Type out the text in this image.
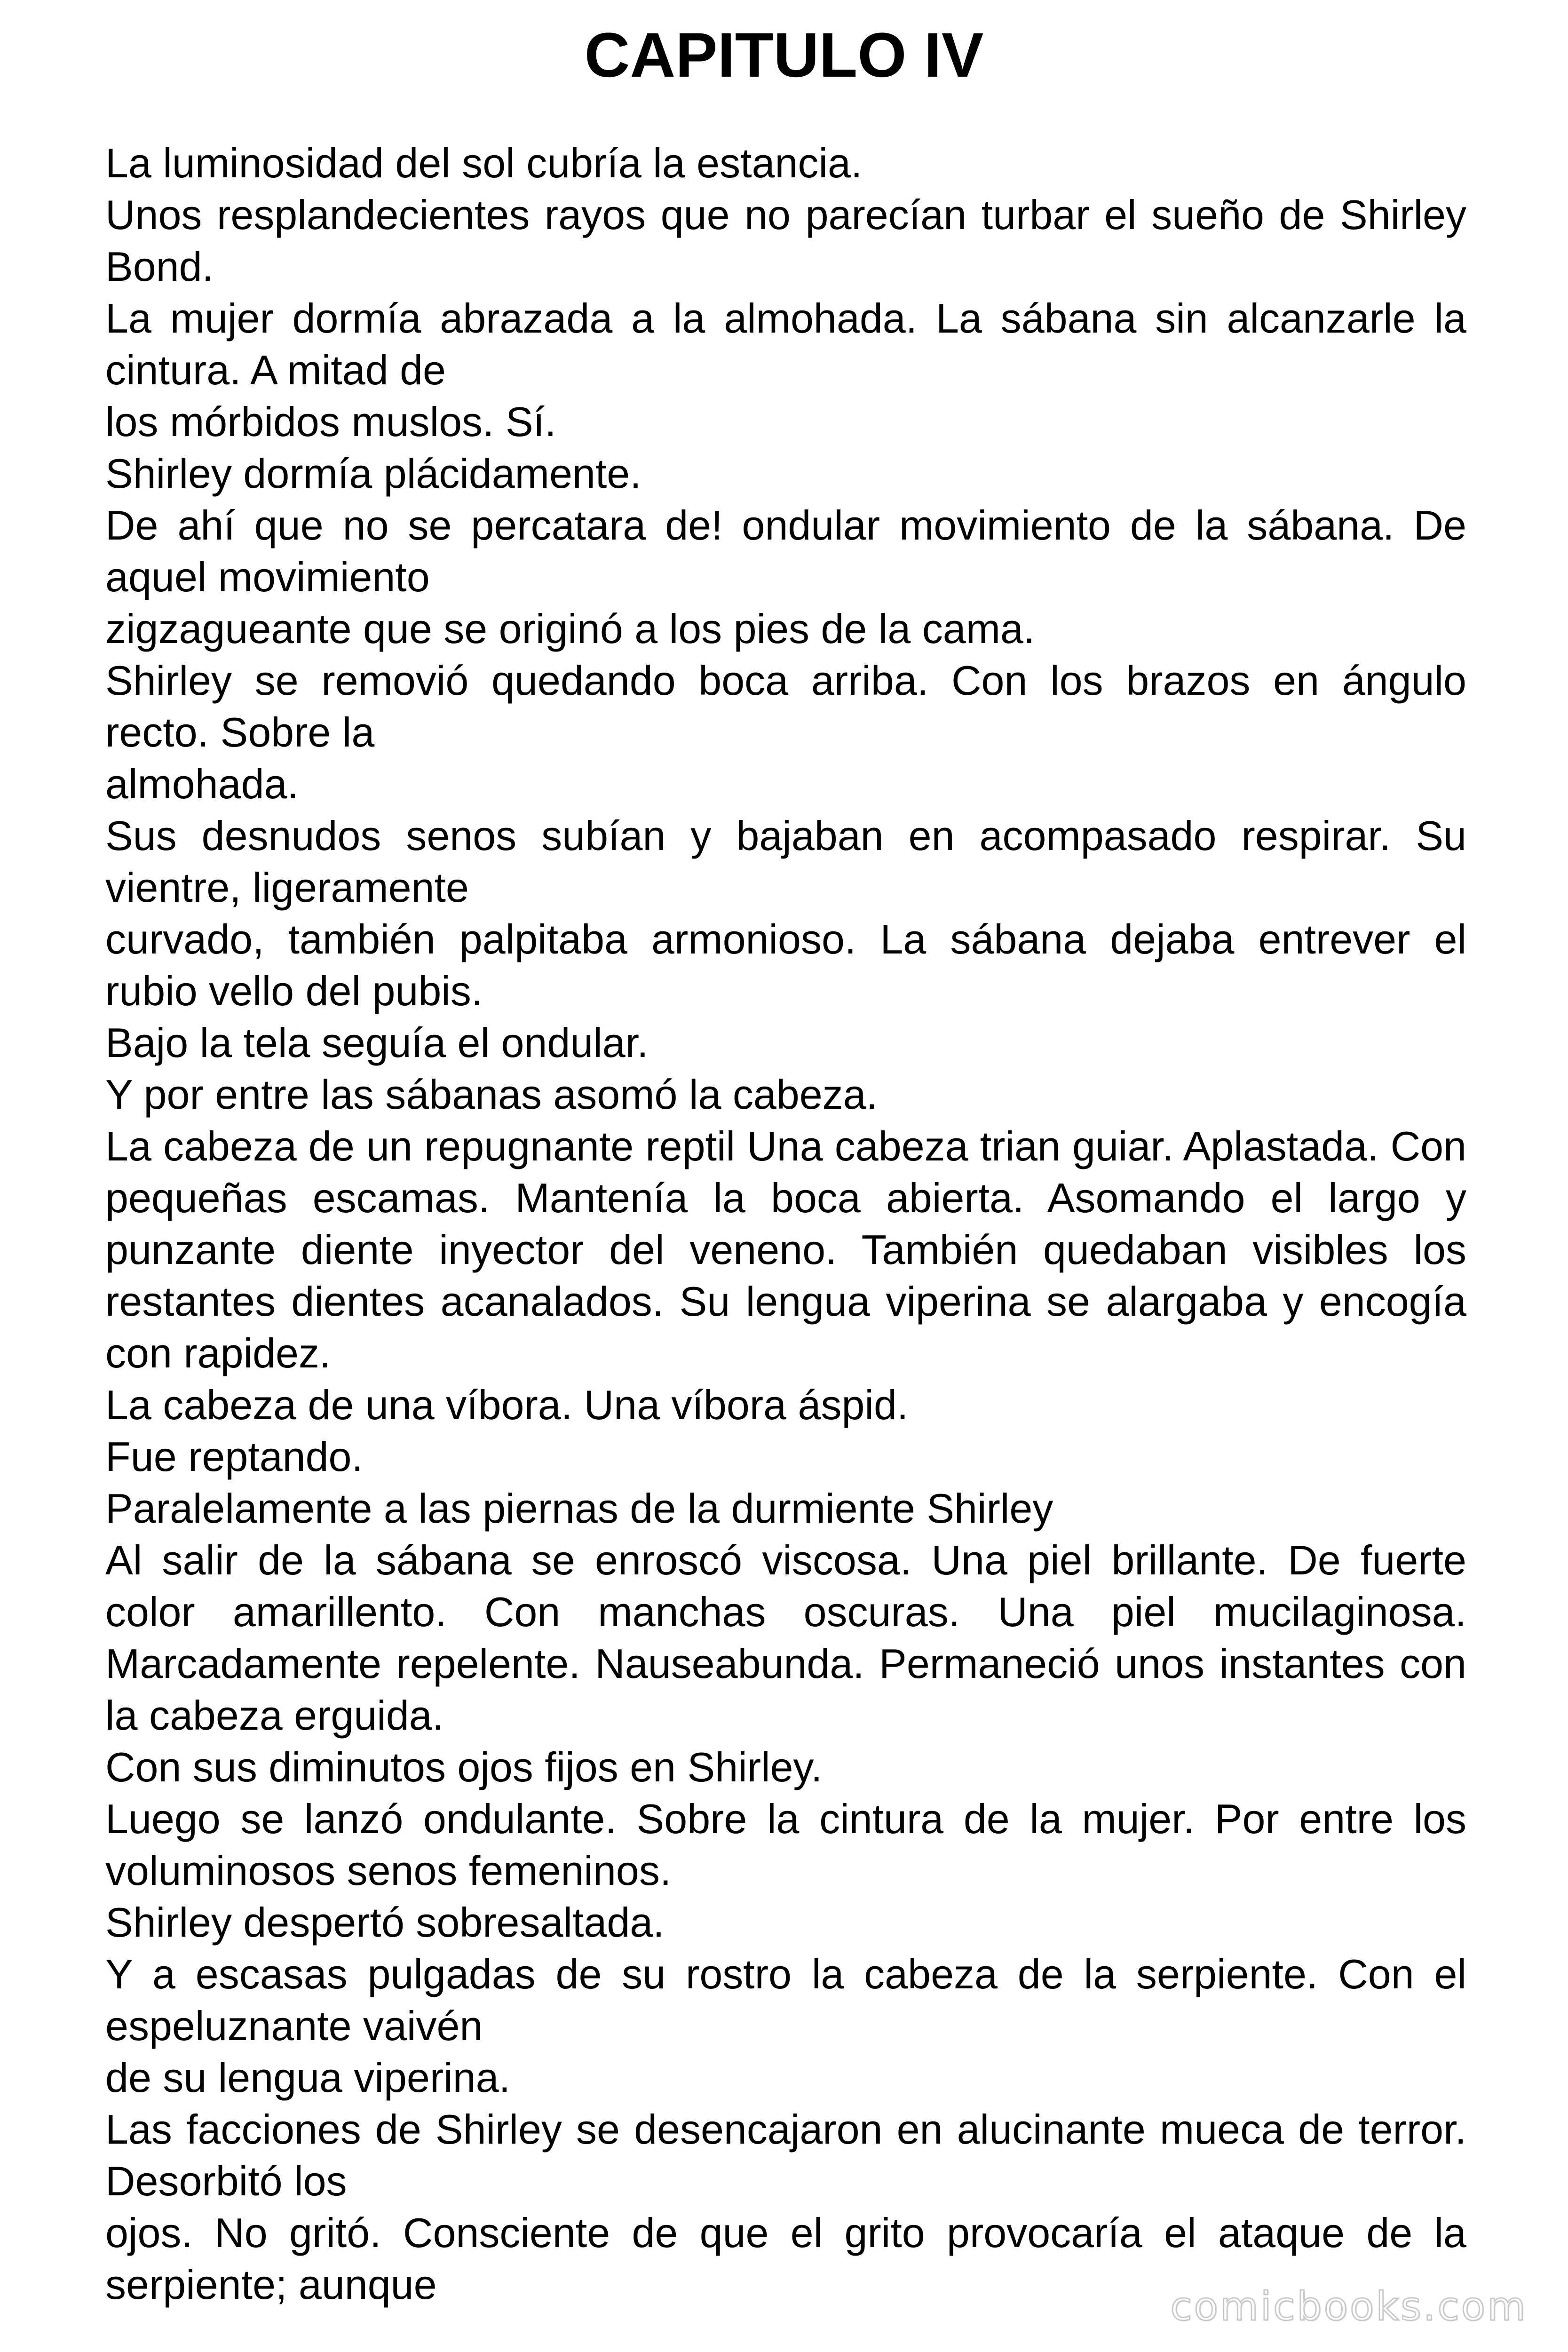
CAPITULO IV

La luminosidad del sol cubría la estancia.

Unos resplandecientes rayos que no parecían turbar el sueño de Shirley Bond.

La mujer dormía abrazada a la almohada. La sábana sin alcanzarle la cintura. A mitad de

los mórbidos muslos. Sí.

Shirley dormía plácidamente.

De ahí que no se percatara de! ondular movimiento de la sábana. De aquel movimiento

zigzagueante que se originó a los pies de la cama.

Shirley se removió quedando boca arriba. Con los brazos en ángulo recto. Sobre la

almohada.

Sus desnudos senos subían y bajaban en acompasado respirar. Su vientre, ligeramente

curvado, también palpitaba armonioso. La sábana dejaba entrever el rubio vello del pubis.

Bajo la tela seguía el ondular.

Y por entre las sábanas asomó la cabeza.

La cabeza de un repugnante reptil Una cabeza trian guiar. Aplastada. Con pequeñas escamas. Mantenía la boca abierta. Asomando el largo y punzante diente inyector del veneno. También quedaban visibles los restantes dientes acanalados. Su lengua viperina se alargaba y encogía con rapidez.

La cabeza de una víbora. Una víbora áspid.

Fue reptando.

Paralelamente a las piernas de la durmiente Shirley

Al salir de la sábana se enroscó viscosa. Una piel brillante. De fuerte color amarillento. Con manchas oscuras. Una piel mucilaginosa. Marcadamente repelente. Nauseabunda. Permaneció unos instantes con la cabeza erguida.

Con sus diminutos ojos fijos en Shirley.

Luego se lanzó ondulante. Sobre la cintura de la mujer. Por entre los voluminosos senos femeninos.

Shirley despertó sobresaltada.

Y a escasas pulgadas de su rostro la cabeza de la serpiente. Con el espeluznante vaivén

de su lengua viperina.

Las facciones de Shirley se desencajaron en alucinante mueca de terror. Desorbitó los

ojos. No gritó. Consciente de que el grito provocaría el ataque de la serpiente; aunque	comicbooks.com
